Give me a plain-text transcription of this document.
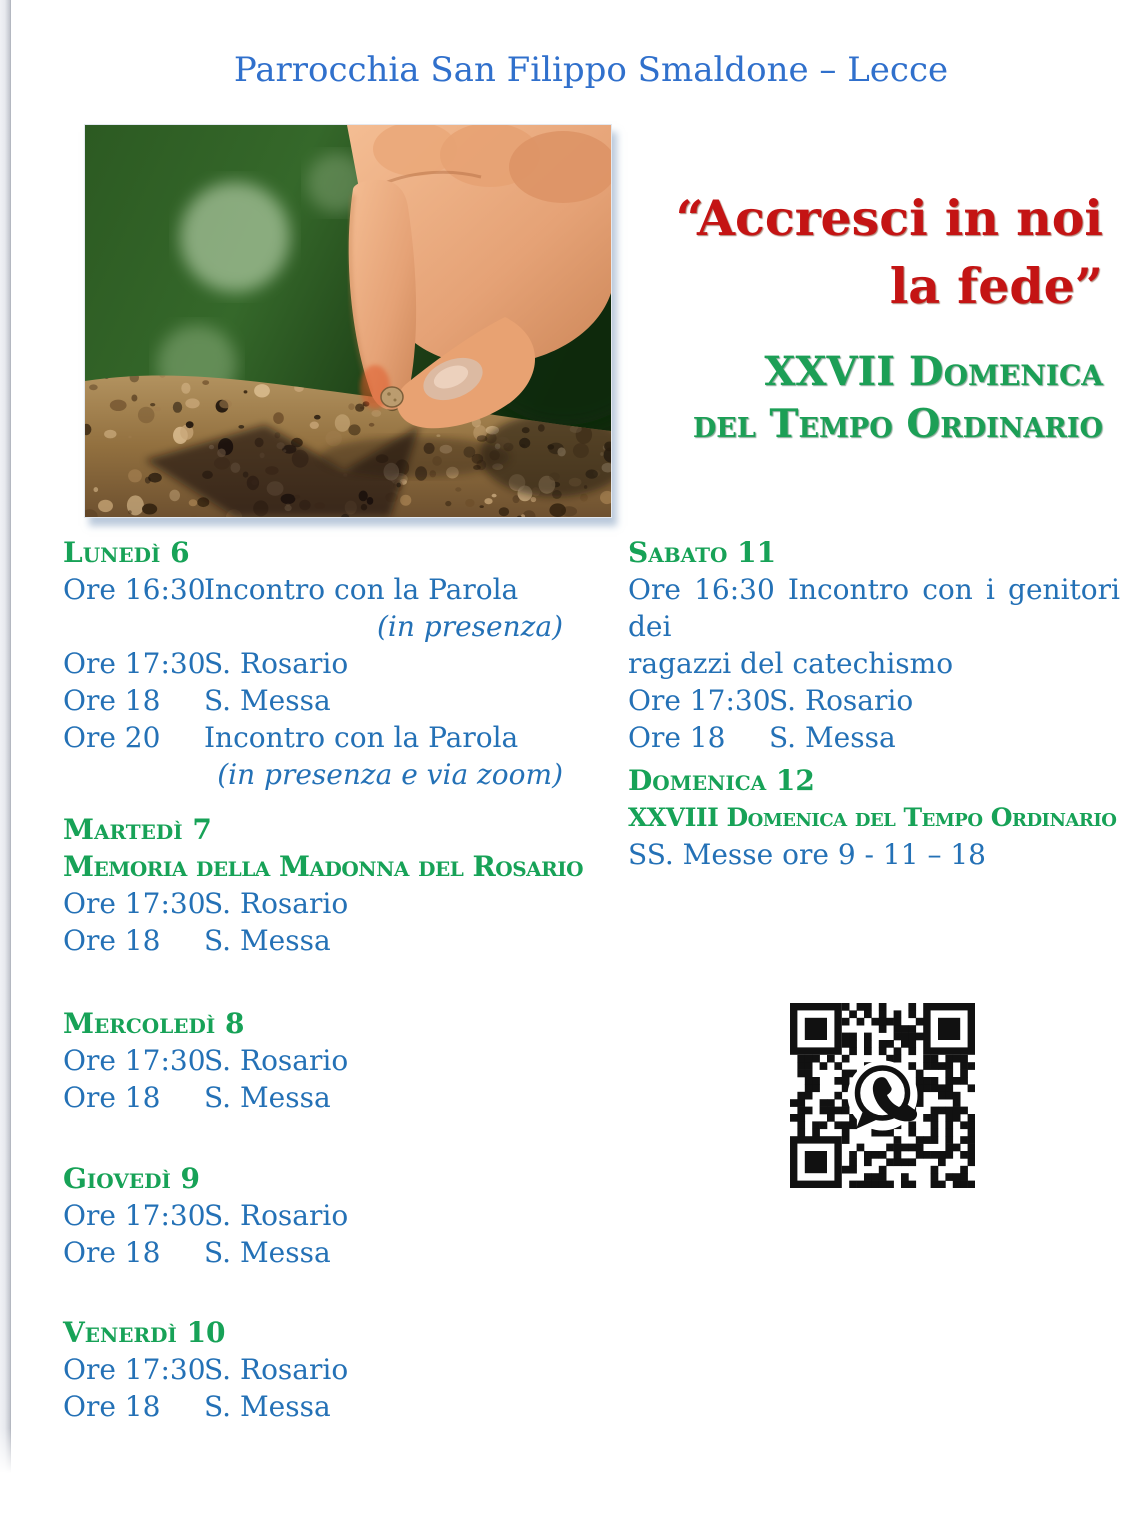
Parrocchia San Filippo Smaldone – Lecce
“Accresci in noi
la fede”
XXVII Domenica
del Tempo Ordinario
Lunedì 6
Ore 16:30Incontro con la Parola
(in presenza)
Ore 17:30S. Rosario
Ore 18 S. Messa
Ore 20 Incontro con la Parola
(in presenza e via zoom)
Martedì 7
Memoria della Madonna del Rosario
Ore 17:30S. Rosario
Ore 18 S. Messa
Mercoledì 8
Ore 17:30S. Rosario
Ore 18 S. Messa
Giovedì 9
Ore 17:30S. Rosario
Ore 18 S. Messa
Venerdì 10
Ore 17:30S. Rosario
Ore 18 S. Messa
Sabato 11
Ore 16:30 Incontro con i genitori dei
ragazzi del catechismo
Ore 17:30S. Rosario
Ore 18 S. Messa
Domenica 12
XXVIII Domenica del Tempo Ordinario
SS. Messe ore 9 - 11 – 18
